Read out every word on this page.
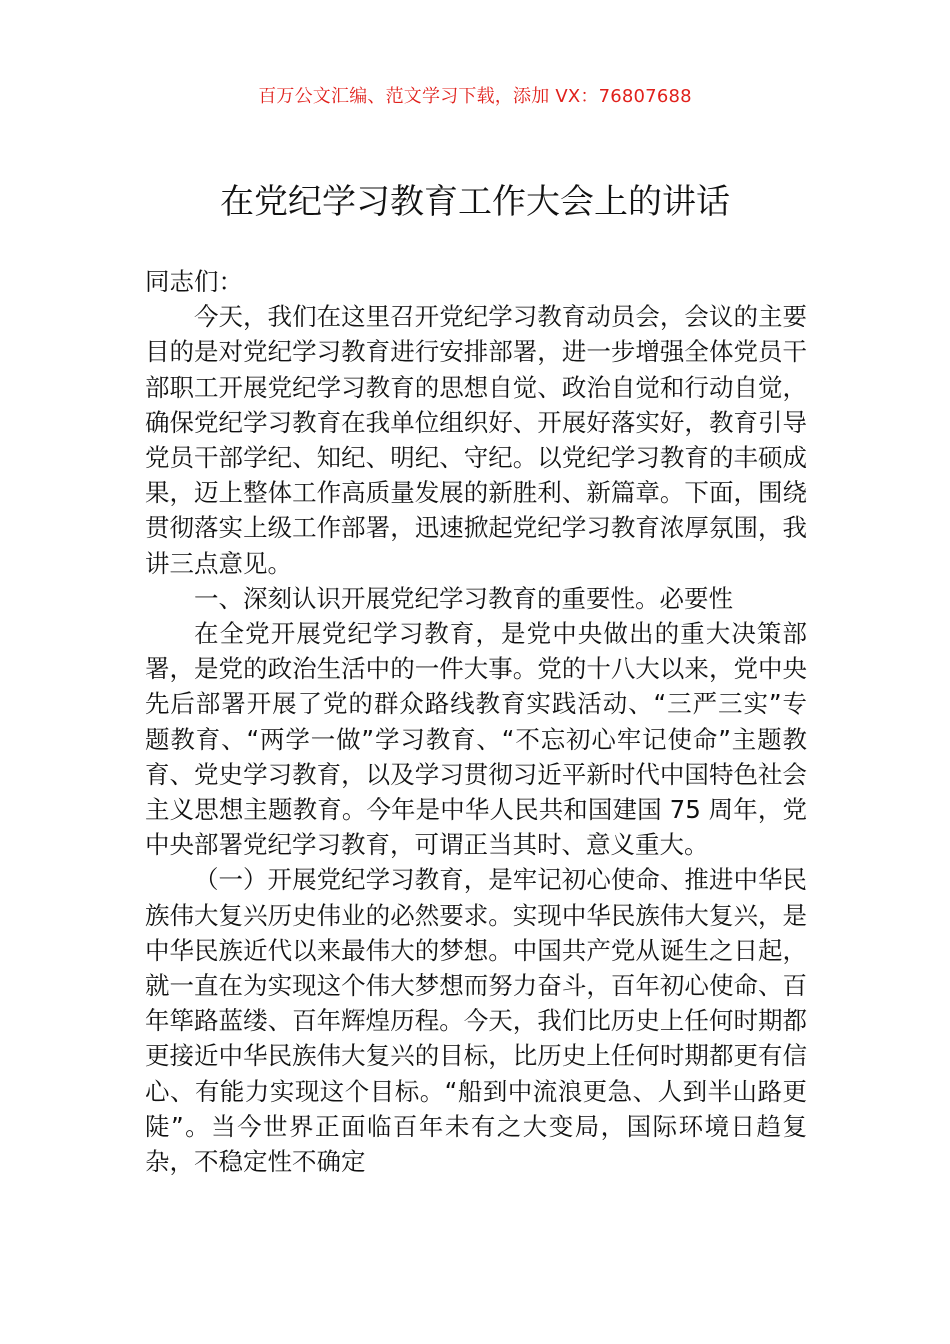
百万公文汇编、范文学习下载，添加 VX：76807688
在党纪学习教育工作大会上的讲话

同志们：

今天，我们在这里召开党纪学习教育动员会，会议的主要目的是对党纪学习教育进行安排部署，进一步增强全体党员干部职工开展党纪学习教育的思想自觉、政治自觉和行动自觉，确保党纪学习教育在我单位组织好、开展好落实好，教育引导党员干部学纪、知纪、明纪、守纪。以党纪学习教育的丰硕成果，迈上整体工作高质量发展的新胜利、新篇章。下面，围绕贯彻落实上级工作部署，迅速掀起党纪学习教育浓厚氛围，我讲三点意见。

一、深刻认识开展党纪学习教育的重要性。必要性

在全党开展党纪学习教育，是党中央做出的重大决策部署，是党的政治生活中的一件大事。党的十八大以来，党中央先后部署开展了党的群众路线教育实践活动、“三严三实”专题教育、“两学一做”学习教育、“不忘初心牢记使命”主题教育、党史学习教育，以及学习贯彻习近平新时代中国特色社会主义思想主题教育。今年是中华人民共和国建国 75 周年，党中央部署党纪学习教育，可谓正当其时、意义重大。

（一）开展党纪学习教育，是牢记初心使命、推进中华民族伟大复兴历史伟业的必然要求。实现中华民族伟大复兴，是中华民族近代以来最伟大的梦想。中国共产党从诞生之日起，就一直在为实现这个伟大梦想而努力奋斗，百年初心使命、百年筚路蓝缕、百年辉煌历程。今天，我们比历史上任何时期都更接近中华民族伟大复兴的目标，比历史上任何时期都更有信心、有能力实现这个目标。“船到中流浪更急、人到半山路更陡”。当今世界正面临百年未有之大变局，国际环境日趋复杂，不稳定性不确定
